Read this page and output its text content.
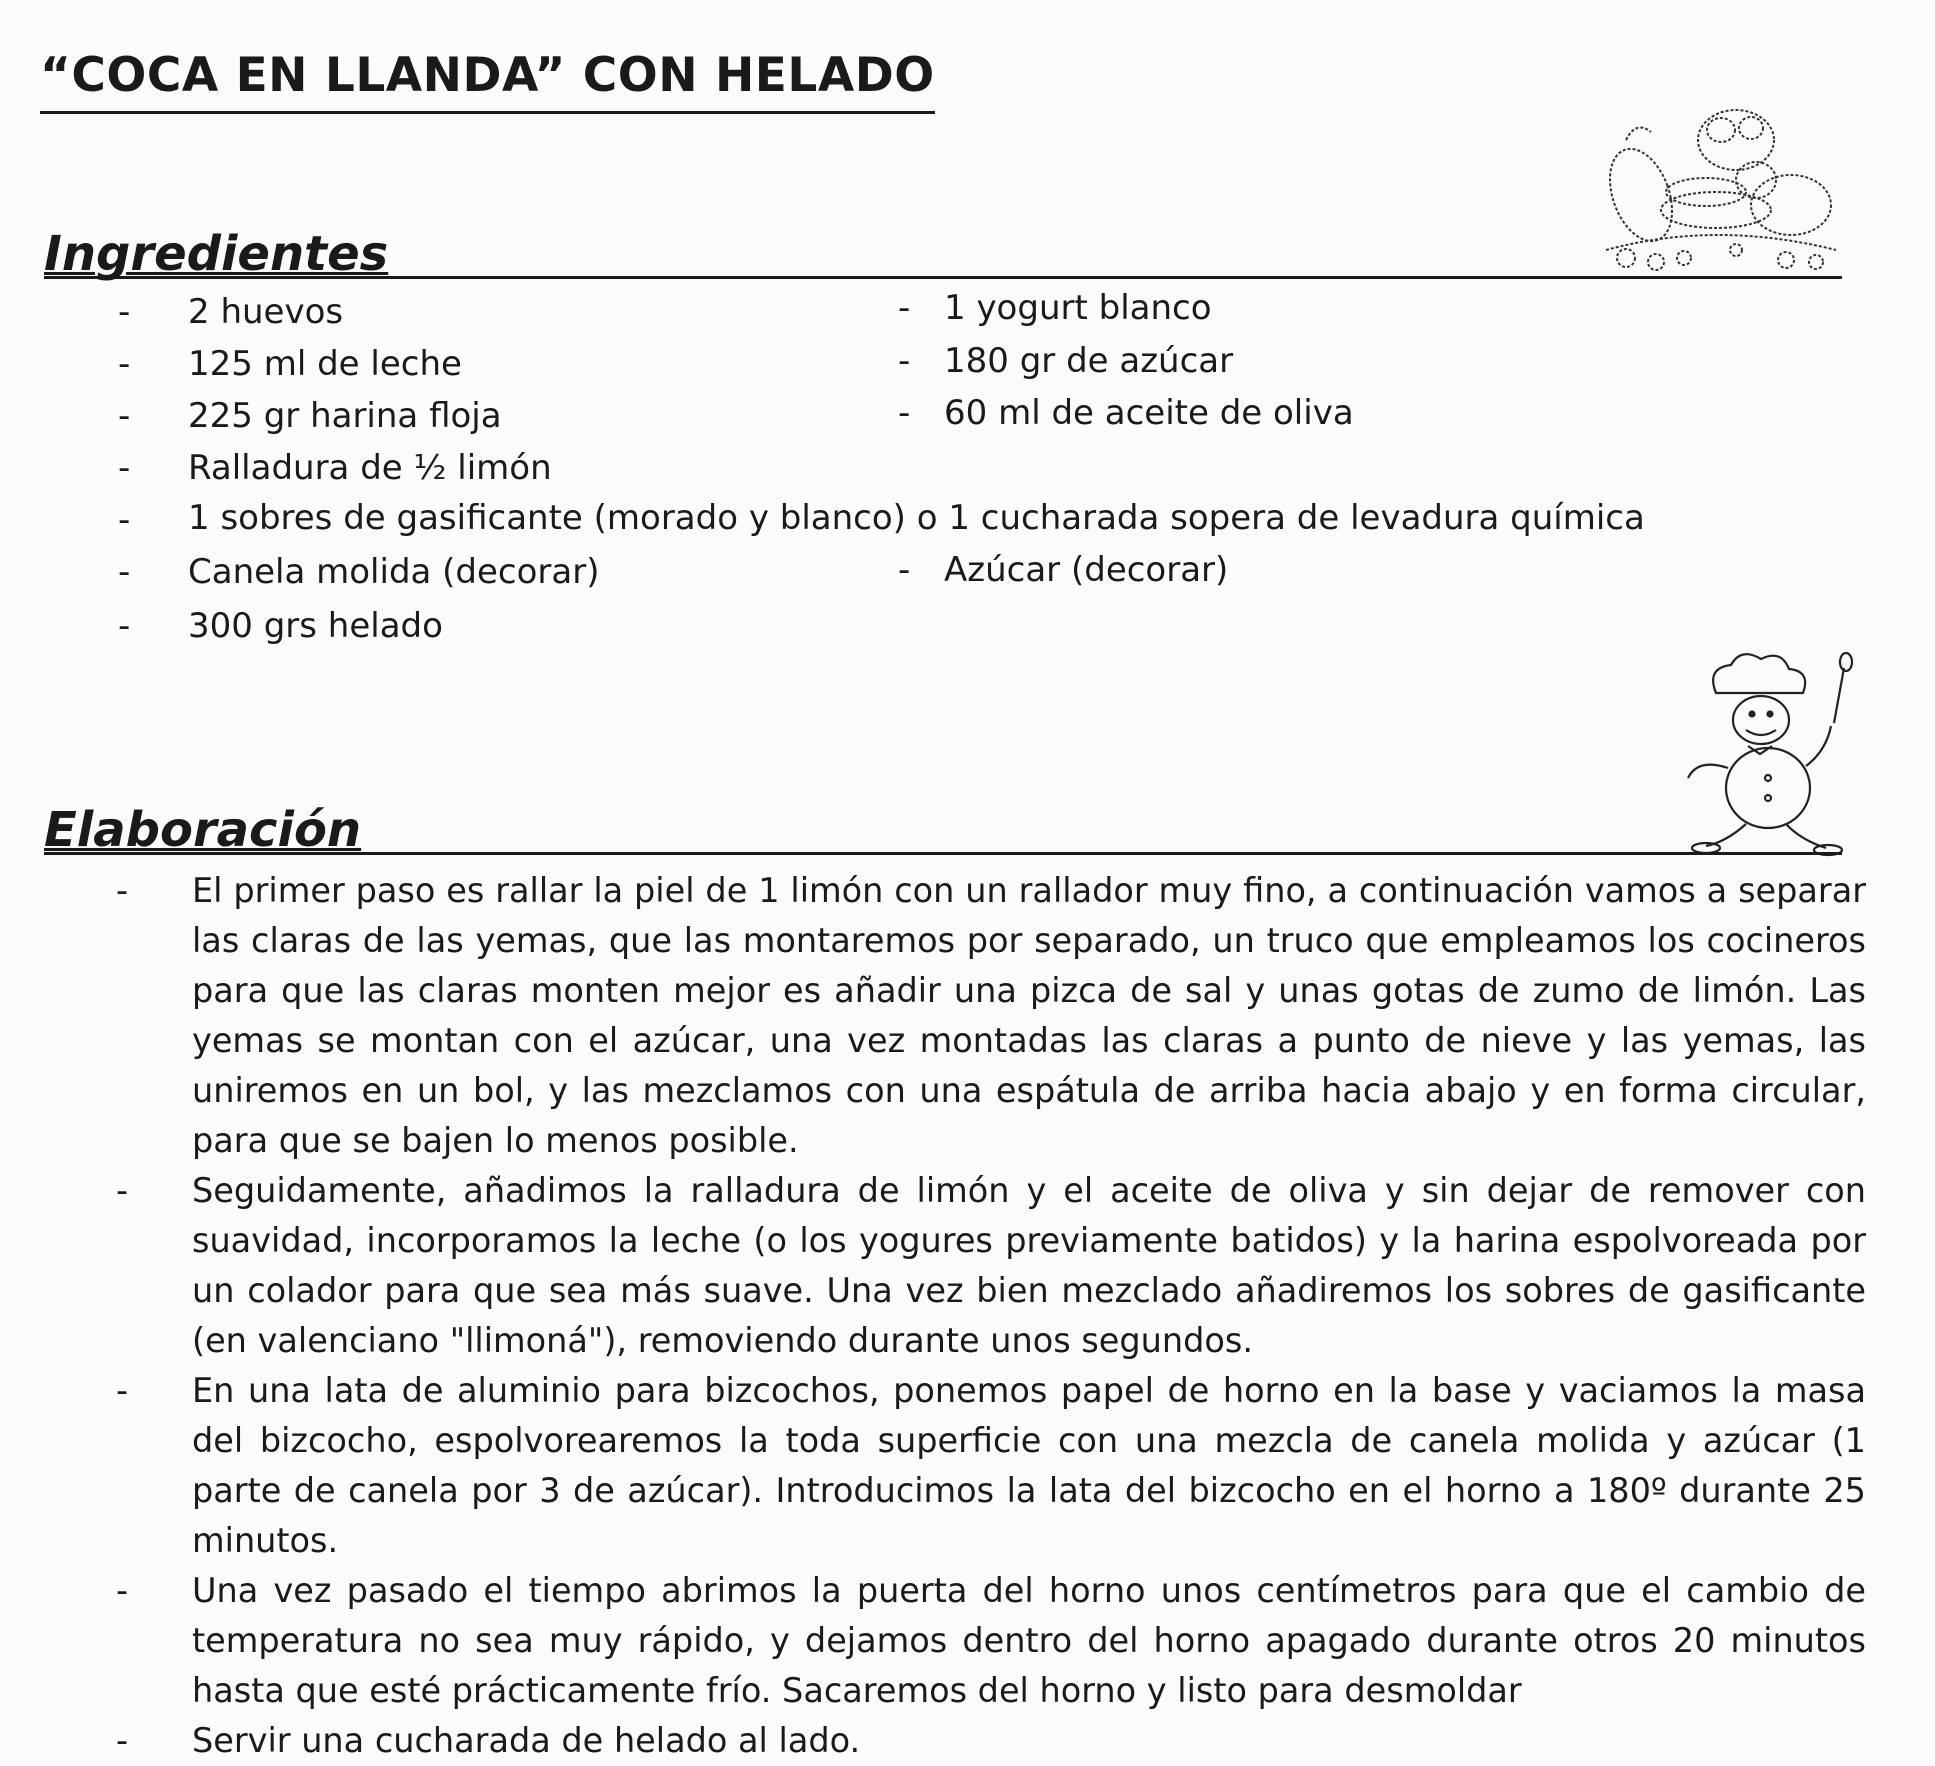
“COCA EN LLANDA” CON HELADO
Ingredientes
- 2 huevos
- 125 ml de leche
- 225 gr harina floja
- Ralladura de ½ limón
- 1 sobres de gasificante (morado y blanco) o 1 cucharada sopera de levadura química
- Canela molida (decorar)
- 300 grs helado
- 1 yogurt blanco
- 180 gr de azúcar
- 60 ml de aceite de oliva
- Azúcar (decorar)
Elaboración
- El primer paso es rallar la piel de 1 limón con un rallador muy fino, a continuación vamos a separar las claras de las yemas, que las montaremos por separado, un truco que empleamos los cocineros para que las claras monten mejor es añadir una pizca de sal y unas gotas de zumo de limón. Las yemas se montan con el azúcar, una vez montadas las claras a punto de nieve y las yemas, las uniremos en un bol, y las mezclamos con una espátula de arriba hacia abajo y en forma circular, para que se bajen lo menos posible.
- Seguidamente, añadimos la ralladura de limón y el aceite de oliva y sin dejar de remover con suavidad, incorporamos la leche (o los yogures previamente batidos) y la harina espolvoreada por un colador para que sea más suave. Una vez bien mezclado añadiremos los sobres de gasificante (en valenciano "llimoná"), removiendo durante unos segundos.
- En una lata de aluminio para bizcochos, ponemos papel de horno en la base y vaciamos la masa del bizcocho, espolvorearemos la toda superficie con una mezcla de canela molida y azúcar (1 parte de canela por 3 de azúcar). Introducimos la lata del bizcocho en el horno a 180º durante 25 minutos.
- Una vez pasado el tiempo abrimos la puerta del horno unos centímetros para que el cambio de temperatura no sea muy rápido, y dejamos dentro del horno apagado durante otros 20 minutos hasta que esté prácticamente frío. Sacaremos del horno y listo para desmoldar
- Servir una cucharada de helado al lado.
